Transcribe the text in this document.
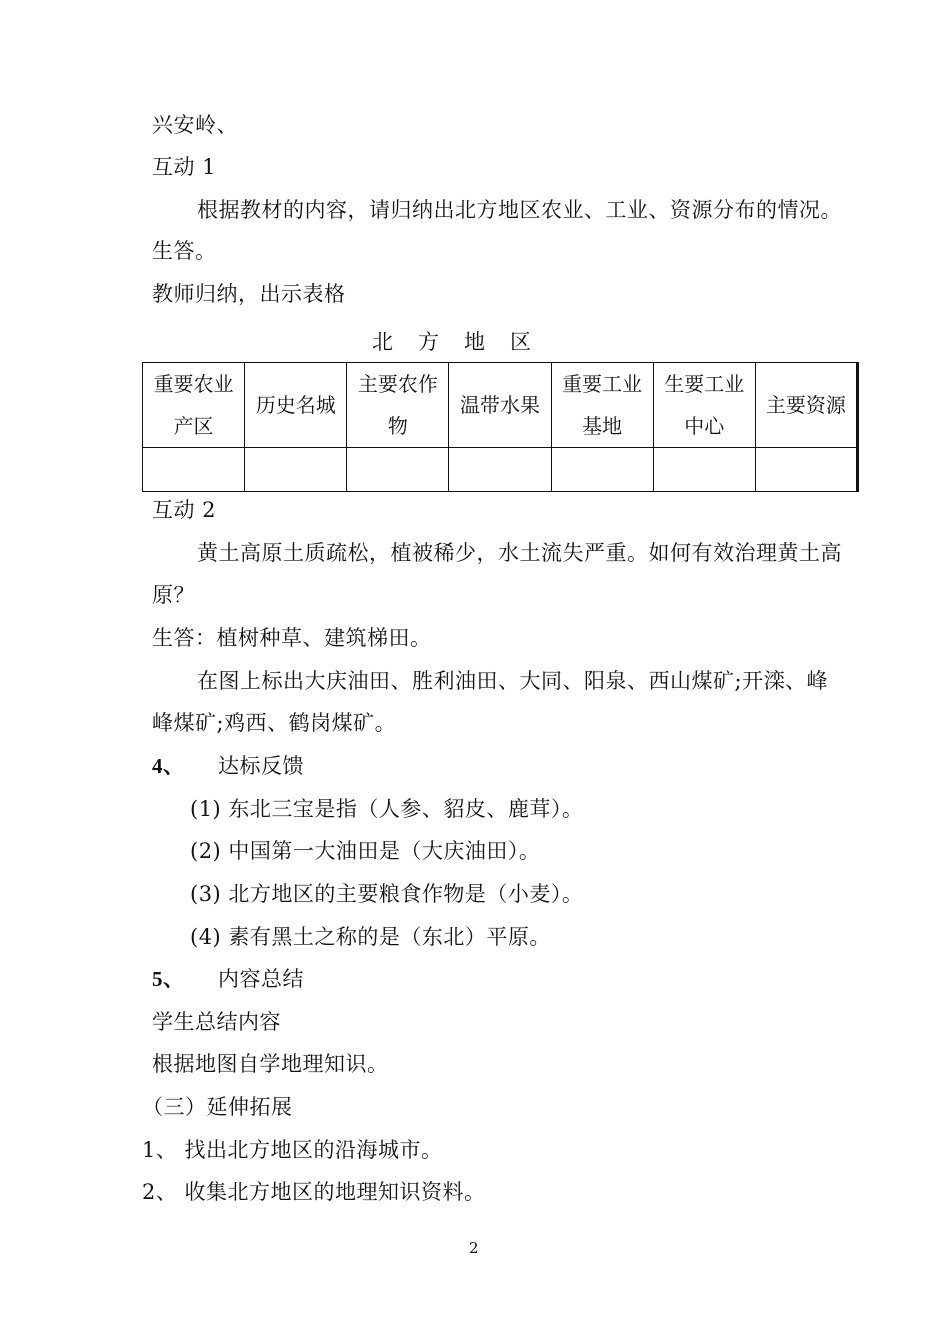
兴安岭、
互动 1
根据教材的内容，请归纳出北方地区农业、工业、资源分布的情况。
生答。
教师归纳，出示表格
北　方　地　区
重要农业产区	历史名城	主要农作物	温带水果	重要工业基地	生要工业中心	主要资源

互动 2
黄土高原土质疏松，植被稀少，水土流失严重。如何有效治理黄土高
原？
生答：植树种草、建筑梯田。
在图上标出大庆油田、胜利油田、大同、阳泉、西山煤矿;开滦、峰
峰煤矿;鸡西、鹤岗煤矿。
4、 达标反馈
(1) 东北三宝是指（人参、貂皮、鹿茸）。
(2) 中国第一大油田是（大庆油田）。
(3) 北方地区的主要粮食作物是（小麦）。
(4) 素有黑土之称的是（东北）平原。
5、 内容总结
学生总结内容
根据地图自学地理知识。
（三）延伸拓展
1、 找出北方地区的沿海城市。
2、 收集北方地区的地理知识资料。
2
